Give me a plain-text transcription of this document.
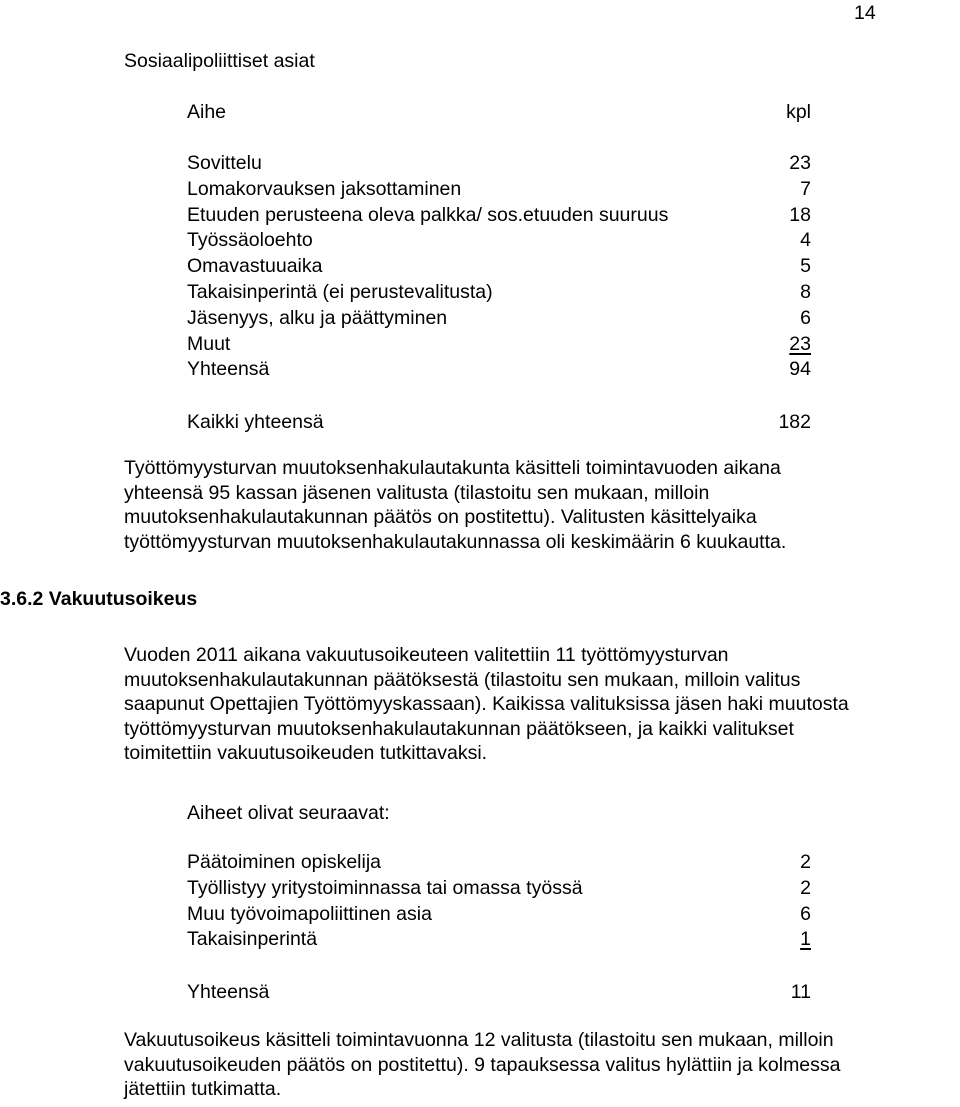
14
Sosiaalipoliittiset asiat
Aihe	kpl
Sovittelu	23
Lomakorvauksen jaksottaminen	7
Etuuden perusteena oleva palkka/ sos.etuuden suuruus	18
Työssäoloehto	4
Omavastuuaika	5
Takaisinperintä (ei perustevalitusta)	8
Jäsenyys, alku ja päättyminen	6
Muut	23
Yhteensä	94
Kaikki yhteensä	182
Työttömyysturvan muutoksenhakulautakunta käsitteli toimintavuoden aikana
yhteensä 95 kassan jäsenen valitusta (tilastoitu sen mukaan, milloin
muutoksenhakulautakunnan päätös on postitettu). Valitusten käsittelyaika
työttömyysturvan muutoksenhakulautakunnassa oli keskimäärin 6 kuukautta.
3.6.2 Vakuutusoikeus
Vuoden 2011 aikana vakuutusoikeuteen valitettiin 11 työttömyysturvan
muutoksenhakulautakunnan päätöksestä (tilastoitu sen mukaan, milloin valitus
saapunut Opettajien Työttömyyskassaan). Kaikissa valituksissa jäsen haki muutosta
työttömyysturvan muutoksenhakulautakunnan päätökseen, ja kaikki valitukset
toimitettiin vakuutusoikeuden tutkittavaksi.
Aiheet olivat seuraavat:
Päätoiminen opiskelija	2
Työllistyy yritystoiminnassa tai omassa työssä	2
Muu työvoimapoliittinen asia	6
Takaisinperintä	1
Yhteensä	11
Vakuutusoikeus käsitteli toimintavuonna 12 valitusta (tilastoitu sen mukaan, milloin
vakuutusoikeuden päätös on postitettu). 9 tapauksessa valitus hylättiin ja kolmessa
jätettiin tutkimatta.
